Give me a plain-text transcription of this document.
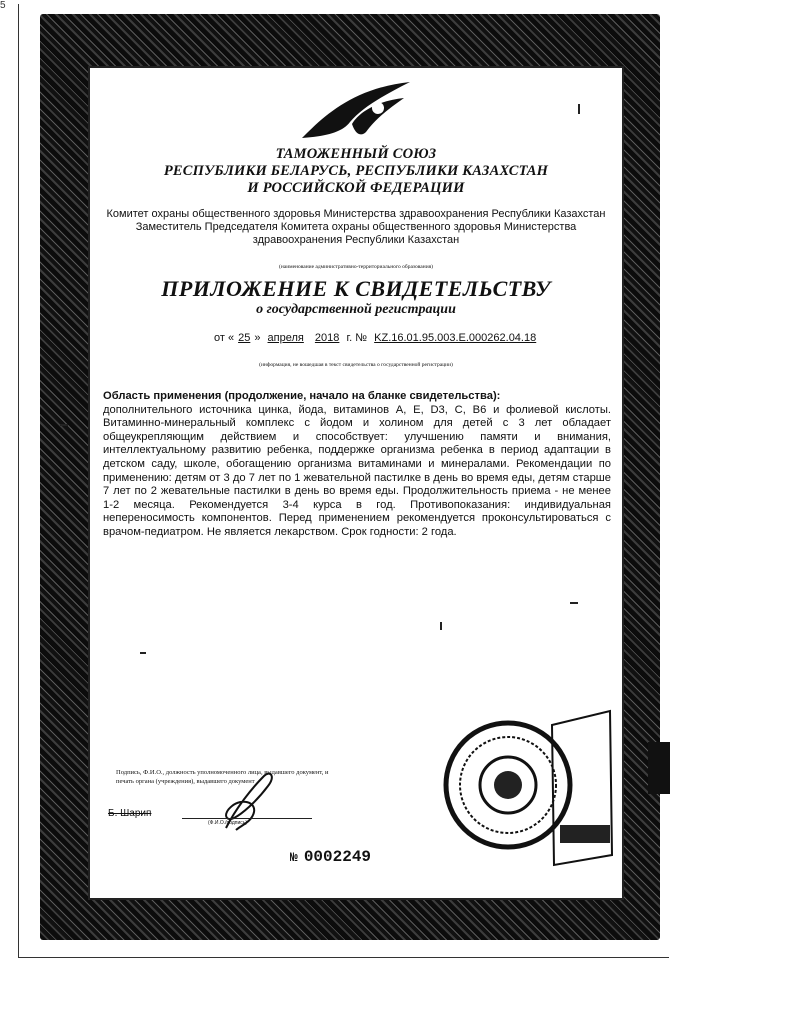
5
ТАМОЖЕННЫЙ СОЮЗ
РЕСПУБЛИКИ БЕЛАРУСЬ, РЕСПУБЛИКИ КАЗАХСТАН
И РОССИЙСКОЙ ФЕДЕРАЦИИ
Комитет охраны общественного здоровья Министерства здравоохранения Республики Казахстан
Заместитель Председателя Комитета охраны общественного здоровья Министерства
здравоохранения Республики Казахстан
(наименование административно-территориального образования)
ПРИЛОЖЕНИЕ К СВИДЕТЕЛЬСТВУ
о государственной регистрации
от « 25 » апреля 2018 г. № KZ.16.01.95.003.E.000262.04.18
(информация, не вошедшая в текст свидетельства о государственной регистрации)
Область применения (продолжение, начало на бланке свидетельства):
дополнительного источника цинка, йода, витаминов А, Е, D3, С, В6 и фолиевой кислоты. Витаминно-минеральный комплекс с йодом и холином для детей с 3 лет обладает общеукрепляющим действием и способствует: улучшению памяти и внимания, интеллектуальному развитию ребенка, поддержке организма ребенка в период адаптации в детском саду, школе, обогащению организма витаминами и минералами. Рекомендации по применению: детям от 3 до 7 лет по 1 жевательной пастилке в день во время еды, детям старше 7 лет по 2 жевательные пастилки в день во время еды. Продолжительность приема - не менее 1-2 месяца. Рекомендуется 3-4 курса в год. Противопоказания: индивидуальная непереносимость компонентов. Перед применением рекомендуется проконсультироваться с врачом-педиатром. Не является лекарством. Срок годности: 2 года.
Подпись, Ф.И.О., должность уполномоченного лица, выдавшего документ, и печать органа (учреждения), выдавшего документ
Б. Шарип
(Ф.И.О./подпись)
№ 0002249
